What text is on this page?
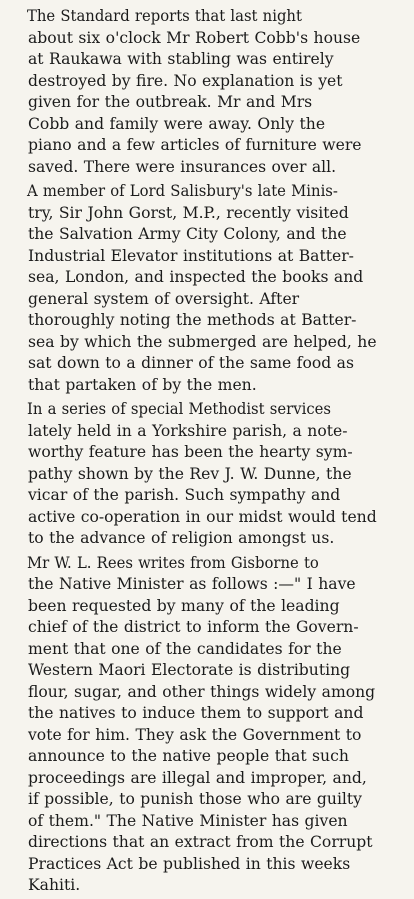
The Standard reports that last night
about six o'clock Mr Robert Cobb's house
at Raukawa with stabling was entirely
destroyed by fire. No explanation is yet
given for the outbreak. Mr and Mrs
Cobb and family were away. Only the
piano and a few articles of furniture were
saved. There were insurances over all.

A member of Lord Salisbury's late Minis-
try, Sir John Gorst, M.P., recently visited
the Salvation Army City Colony, and the
Industrial Elevator institutions at Batter-
sea, London, and inspected the books and
general system of oversight. After
thoroughly noting the methods at Batter-
sea by which the submerged are helped, he
sat down to a dinner of the same food as
that partaken of by the men.

In a series of special Methodist services
lately held in a Yorkshire parish, a note-
worthy feature has been the hearty sym-
pathy shown by the Rev J. W. Dunne, the
vicar of the parish. Such sympathy and
active co-operation in our midst would tend
to the advance of religion amongst us.

Mr W. L. Rees writes from Gisborne to
the Native Minister as follows :—" I have
been requested by many of the leading
chief of the district to inform the Govern-
ment that one of the candidates for the
Western Maori Electorate is distributing
flour, sugar, and other things widely among
the natives to induce them to support and
vote for him. They ask the Government to
announce to the native people that such
proceedings are illegal and improper, and,
if possible, to punish those who are guilty
of them." The Native Minister has given
directions that an extract from the Corrupt
Practices Act be published in this weeks
Kahiti.
